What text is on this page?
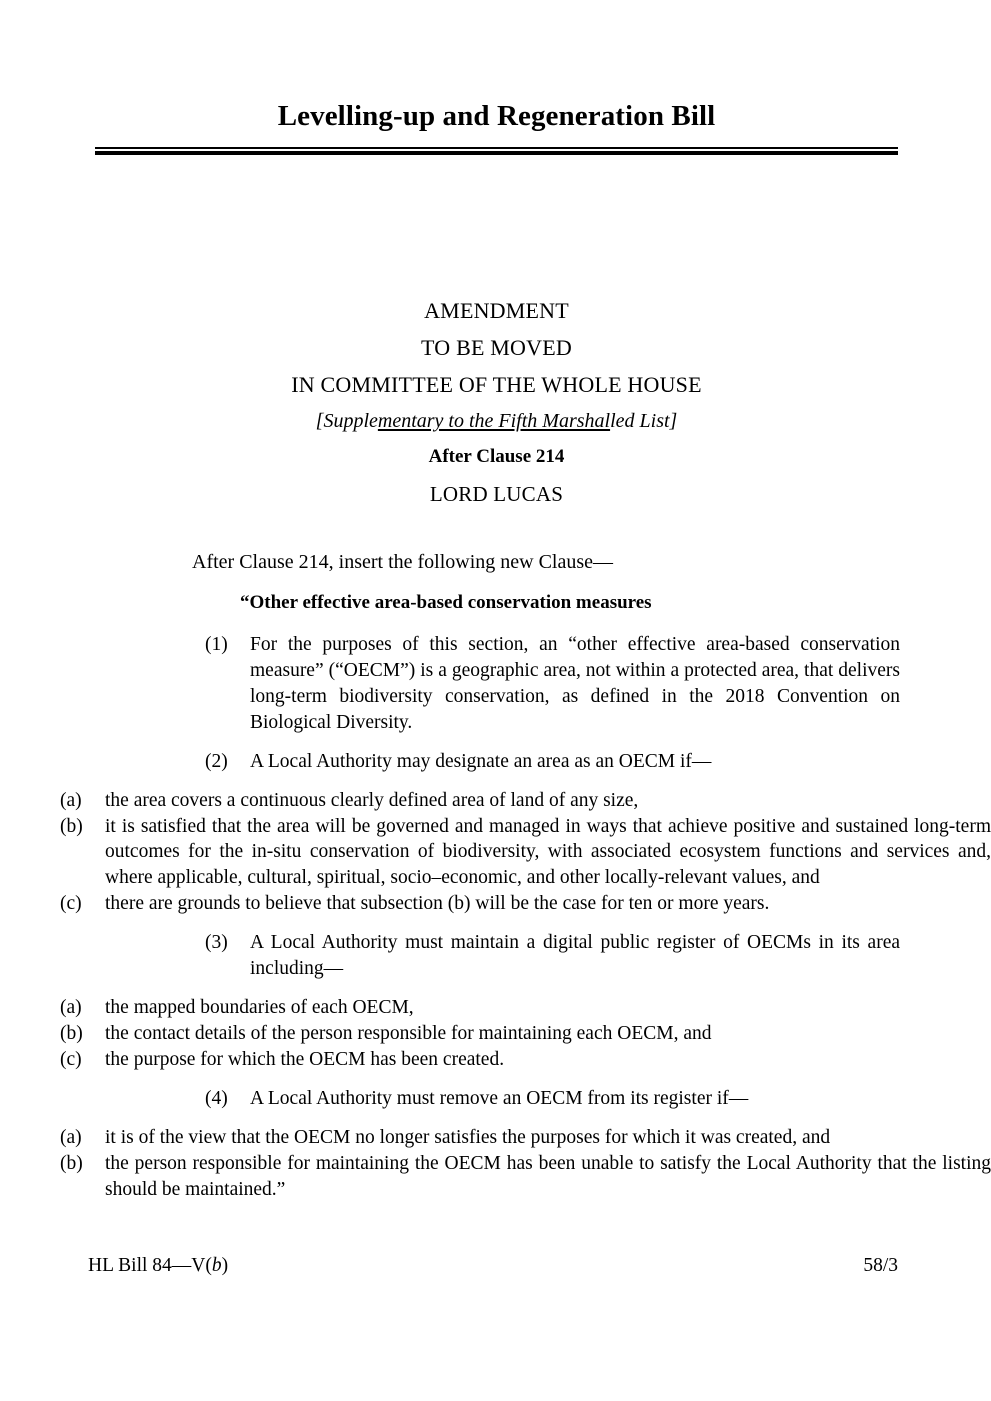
Levelling-up and Regeneration Bill

AMENDMENT

TO BE MOVED

IN COMMITTEE OF THE WHOLE HOUSE

[Supplementary to the Fifth Marshalled List]

After Clause 214

LORD LUCAS

After Clause 214, insert the following new Clause—

“Other effective area-based conservation measures

(1)	For the purposes of this section, an “other effective area-based conservation measure” (“OECM”) is a geographic area, not within a protected area, that delivers long-term biodiversity conservation, as defined in the 2018 Convention on Biological Diversity.
(2)	A Local Authority may designate an area as an OECM if—
(a)	the area covers a continuous clearly defined area of land of any size,
(b)	it is satisfied that the area will be governed and managed in ways that achieve positive and sustained long-term outcomes for the in-situ conservation of biodiversity, with associated ecosystem functions and services and, where applicable, cultural, spiritual, socio–economic, and other locally-relevant values, and
(c)	there are grounds to believe that subsection (b) will be the case for ten or more years.
(3)	A Local Authority must maintain a digital public register of OECMs in its area including—
(a)	the mapped boundaries of each OECM,
(b)	the contact details of the person responsible for maintaining each OECM, and
(c)	the purpose for which the OECM has been created.
(4)	A Local Authority must remove an OECM from its register if—
(a)	it is of the view that the OECM no longer satisfies the purposes for which it was created, and
(b)	the person responsible for maintaining the OECM has been unable to satisfy the Local Authority that the listing should be maintained.”
HL Bill 84—V(b)	58/3
